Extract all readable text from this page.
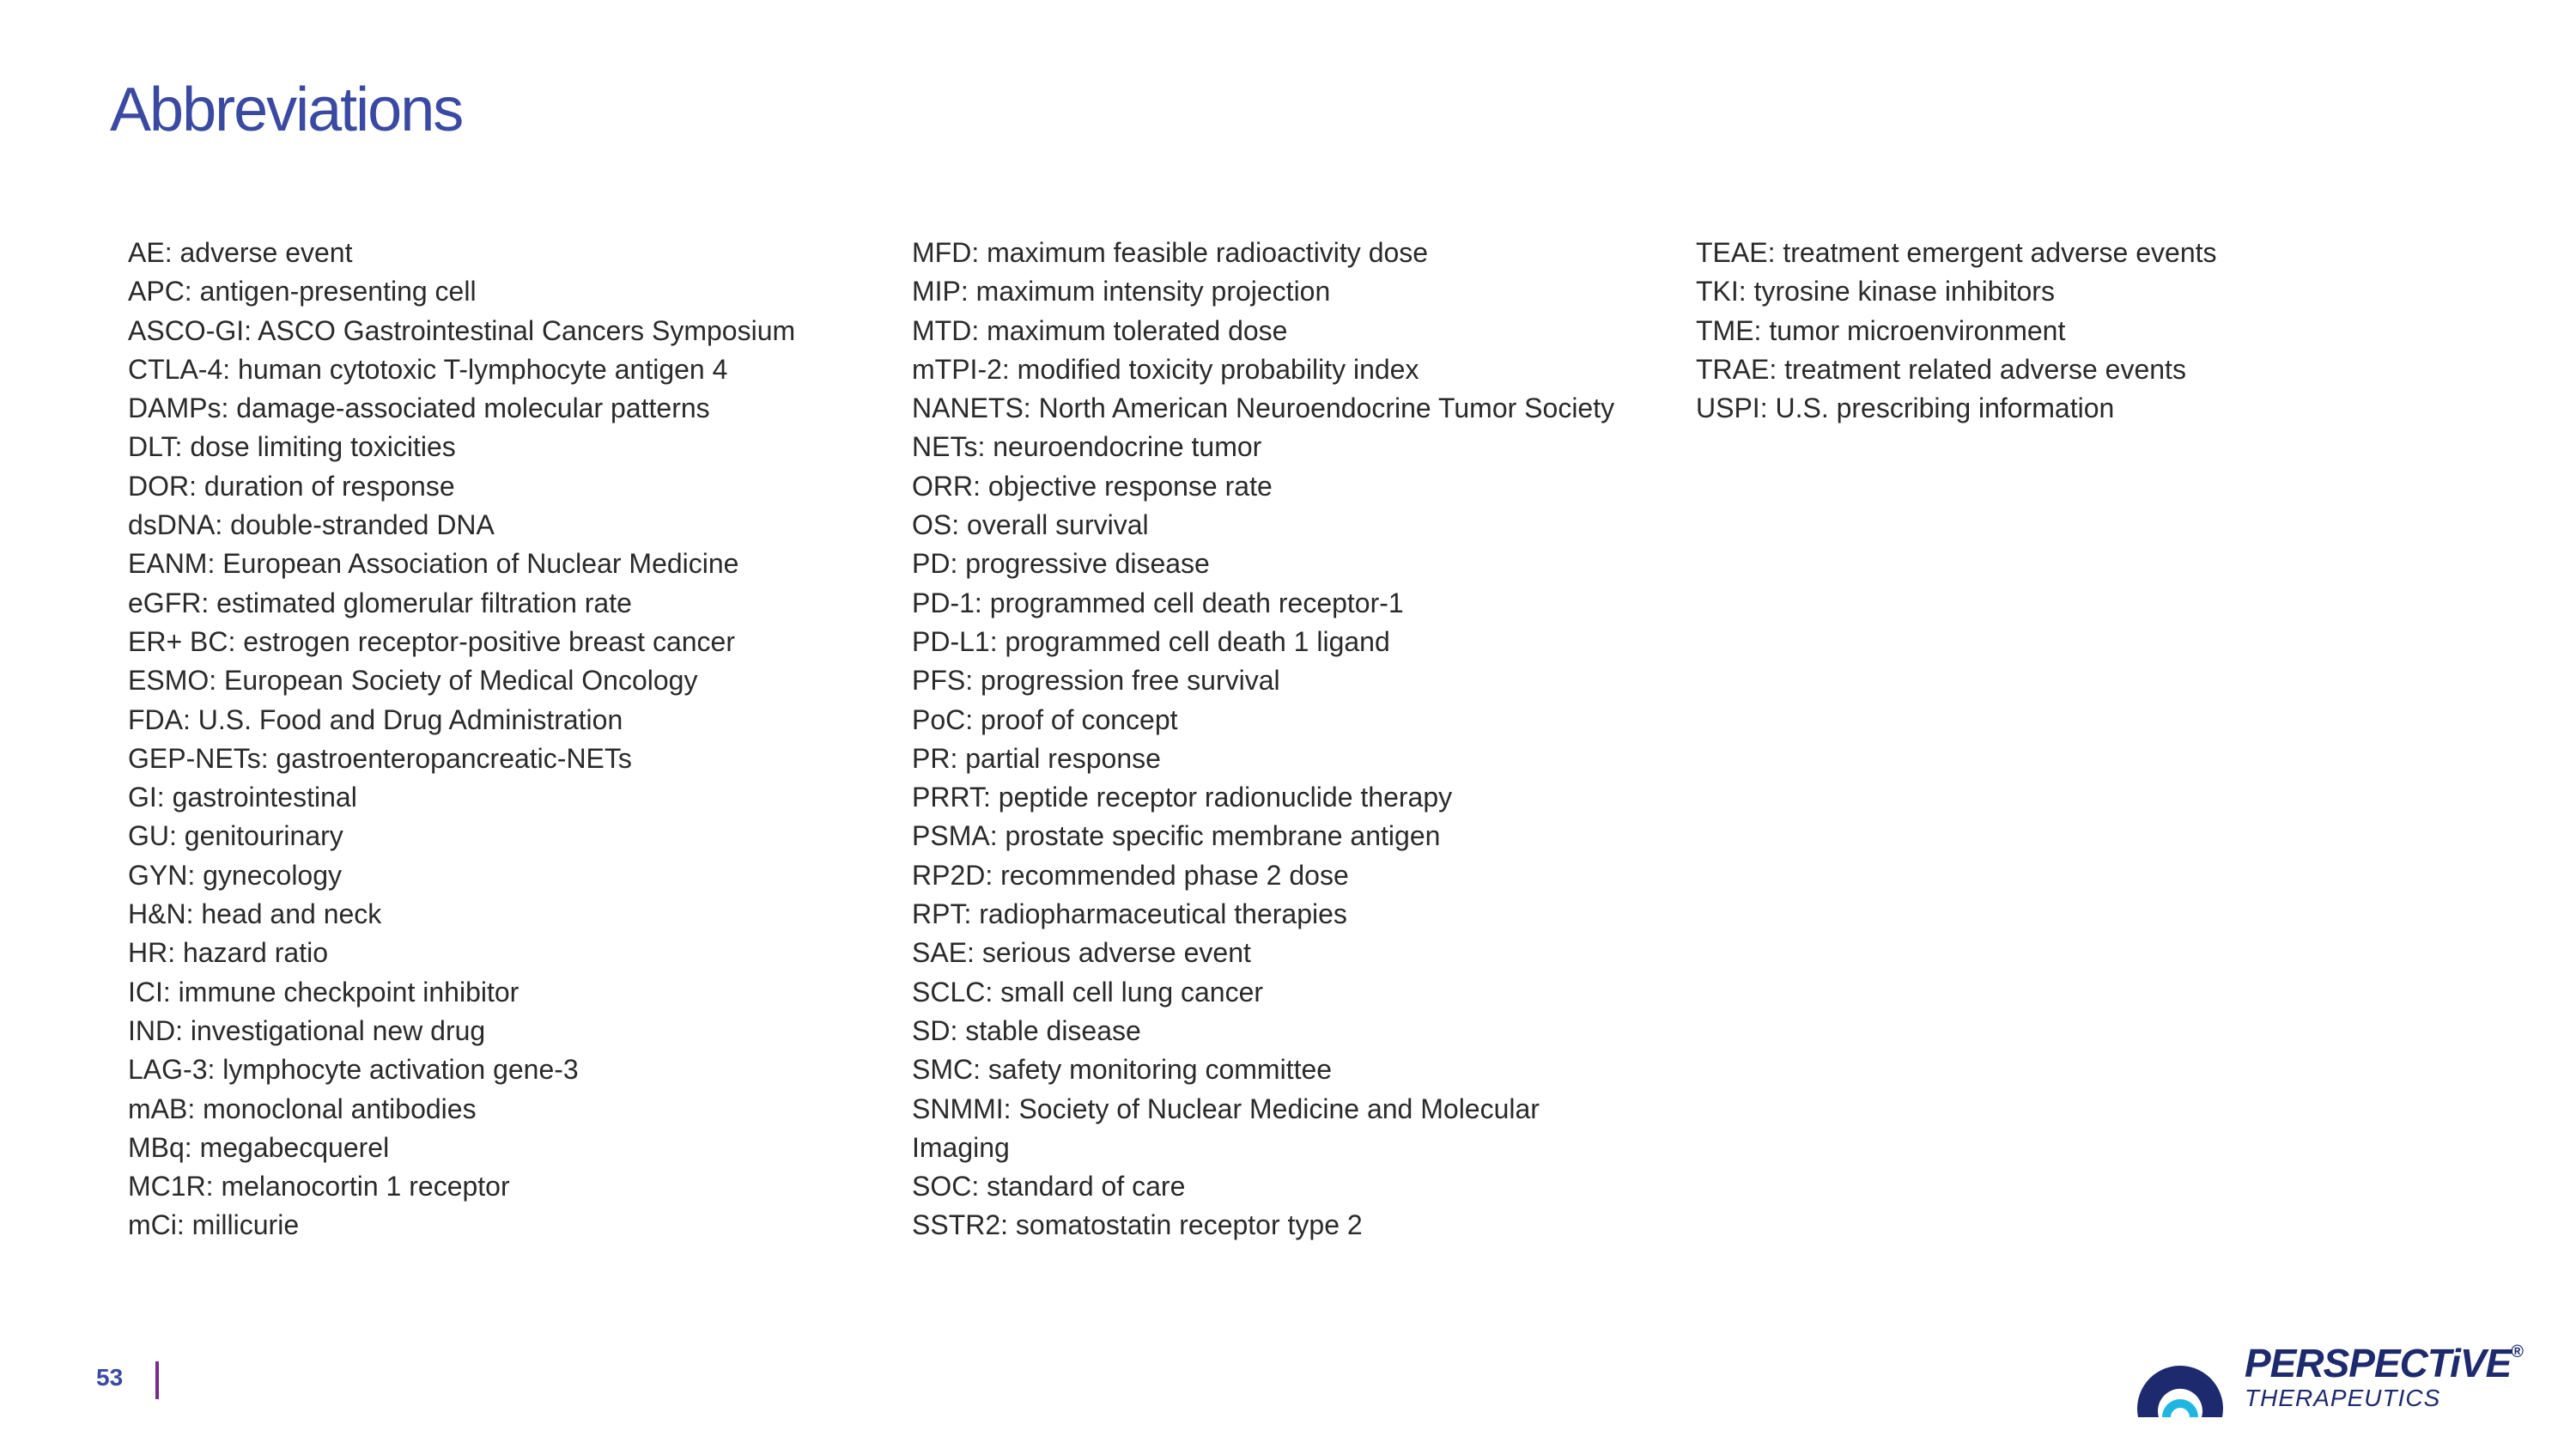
Abbreviations
AE: adverse event
APC: antigen-presenting cell
ASCO-GI: ASCO Gastrointestinal Cancers Symposium
CTLA-4: human cytotoxic T-lymphocyte antigen 4
DAMPs: damage-associated molecular patterns
DLT: dose limiting toxicities
DOR: duration of response
dsDNA: double-stranded DNA
EANM: European Association of Nuclear Medicine
eGFR: estimated glomerular filtration rate
ER+ BC: estrogen receptor-positive breast cancer
ESMO: European Society of Medical Oncology
FDA: U.S. Food and Drug Administration
GEP-NETs: gastroenteropancreatic-NETs
GI: gastrointestinal
GU: genitourinary
GYN: gynecology
H&N: head and neck
HR: hazard ratio
ICI: immune checkpoint inhibitor
IND: investigational new drug
LAG-3: lymphocyte activation gene-3
mAB: monoclonal antibodies
MBq: megabecquerel
MC1R: melanocortin 1 receptor
mCi: millicurie
MFD: maximum feasible radioactivity dose
MIP: maximum intensity projection
MTD: maximum tolerated dose
mTPI-2: modified toxicity probability index
NANETS: North American Neuroendocrine Tumor Society
NETs: neuroendocrine tumor
ORR: objective response rate
OS: overall survival
PD: progressive disease
PD-1: programmed cell death receptor-1
PD-L1: programmed cell death 1 ligand
PFS: progression free survival
PoC: proof of concept
PR: partial response
PRRT: peptide receptor radionuclide therapy
PSMA: prostate specific membrane antigen
RP2D: recommended phase 2 dose
RPT: radiopharmaceutical therapies
SAE: serious adverse event
SCLC: small cell lung cancer
SD: stable disease
SMC: safety monitoring committee
SNMMI: Society of Nuclear Medicine and Molecular
Imaging
SOC: standard of care
SSTR2: somatostatin receptor type 2
TEAE: treatment emergent adverse events
TKI: tyrosine kinase inhibitors
TME: tumor microenvironment
TRAE: treatment related adverse events
USPI: U.S. prescribing information
53	PERSPECTiVE®
THERAPEUTICS
